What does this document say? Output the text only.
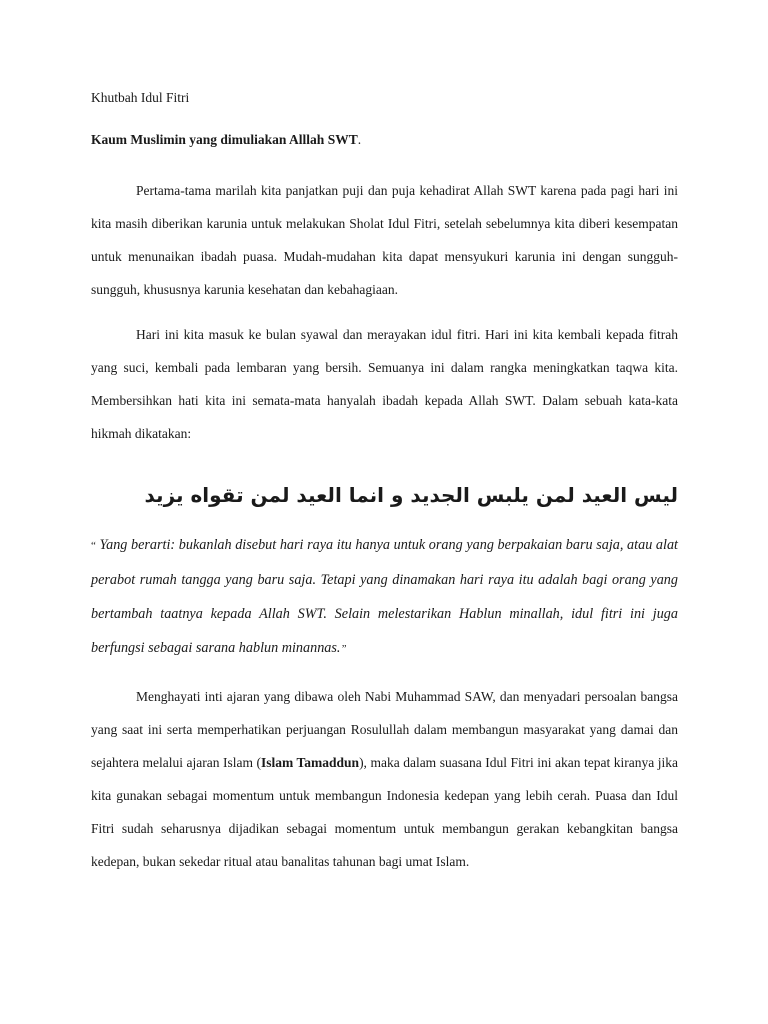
Khutbah Idul Fitri
Kaum Muslimin yang dimuliakan Alllah SWT.

Pertama-tama marilah kita panjatkan puji dan puja kehadirat Allah SWT karena pada pagi hari ini kita masih diberikan karunia untuk melakukan Sholat Idul Fitri, setelah sebelumnya kita diberi kesempatan untuk menunaikan ibadah puasa. Mudah-mudahan kita dapat mensyukuri karunia ini dengan sungguh-sungguh, khususnya karunia kesehatan dan kebahagiaan.

Hari ini kita masuk ke bulan syawal dan merayakan idul fitri. Hari ini kita kembali kepada fitrah yang suci, kembali pada lembaran yang bersih. Semuanya ini dalam rangka meningkatkan taqwa kita. Membersihkan hati kita ini semata-mata hanyalah ibadah kepada Allah SWT. Dalam sebuah kata-kata hikmah dikatakan:

ليس العيد لمن يلبس الجديد و انما العيد لمن تقواه يزيد
“ Yang berarti: bukanlah disebut hari raya itu hanya untuk orang yang berpakaian baru saja, atau alat perabot rumah tangga yang baru saja. Tetapi yang dinamakan hari raya itu adalah bagi orang yang bertambah taatnya kepada Allah SWT. Selain melestarikan Hablun minallah, idul fitri ini juga berfungsi sebagai sarana hablun minannas.”

Menghayati inti ajaran yang dibawa oleh Nabi Muhammad SAW, dan menyadari persoalan bangsa yang saat ini serta memperhatikan perjuangan Rosulullah dalam membangun masyarakat yang damai dan sejahtera melalui ajaran Islam (Islam Tamaddun), maka dalam suasana Idul Fitri ini akan tepat kiranya jika kita gunakan sebagai momentum untuk membangun Indonesia kedepan yang lebih cerah. Puasa dan Idul Fitri sudah seharusnya dijadikan sebagai momentum untuk membangun gerakan kebangkitan bangsa kedepan, bukan sekedar ritual atau banalitas tahunan bagi umat Islam.
